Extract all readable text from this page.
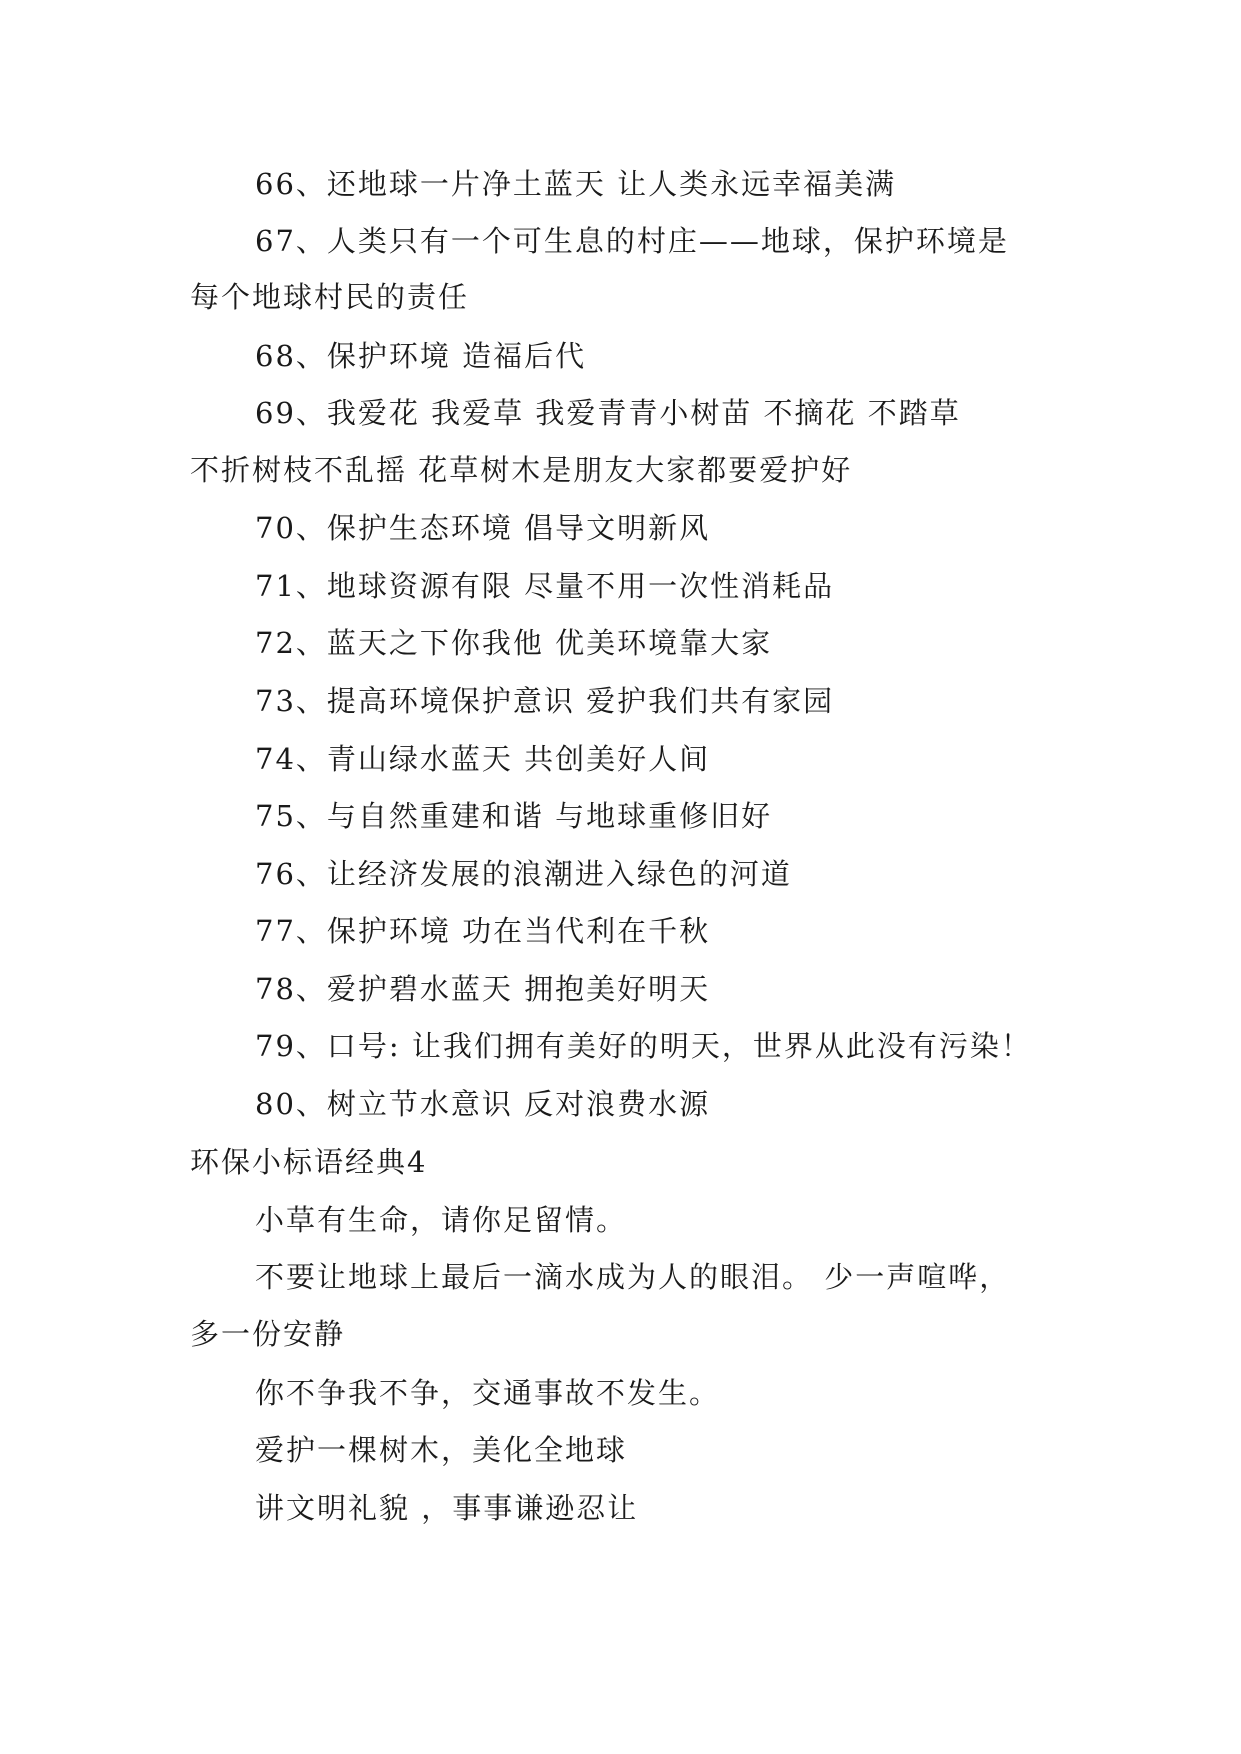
66、还地球一片净土蓝天 让人类永远幸福美满
67、人类只有一个可生息的村庄——地球，保护环境是
每个地球村民的责任
68、保护环境 造福后代
69、我爱花 我爱草 我爱青青小树苗 不摘花 不踏草
不折树枝不乱摇 花草树木是朋友大家都要爱护好
70、保护生态环境 倡导文明新风
71、地球资源有限 尽量不用一次性消耗品
72、蓝天之下你我他 优美环境靠大家
73、提高环境保护意识 爱护我们共有家园
74、青山绿水蓝天 共创美好人间
75、与自然重建和谐 与地球重修旧好
76、让经济发展的浪潮进入绿色的河道
77、保护环境 功在当代利在千秋
78、爱护碧水蓝天 拥抱美好明天
79、口号: 让我们拥有美好的明天，世界从此没有污染！
80、树立节水意识 反对浪费水源
环保小标语经典4
小草有生命，请你足留情。
不要让地球上最后一滴水成为人的眼泪。 少一声喧哗，
多一份安静
你不争我不争，交通事故不发生。
爱护一棵树木，美化全地球
讲文明礼貌 ，事事谦逊忍让
